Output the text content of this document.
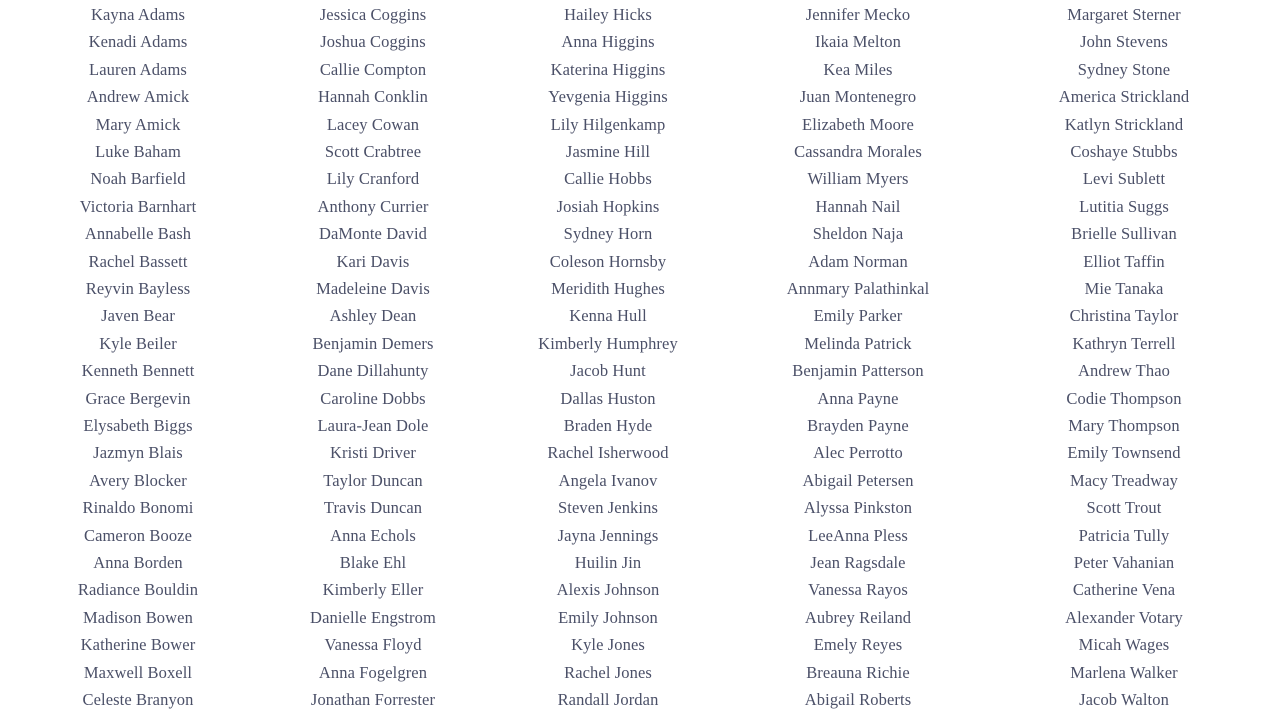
Kayna Adams
Kenadi Adams
Lauren Adams
Andrew Amick
Mary Amick
Luke Baham
Noah Barfield
Victoria Barnhart
Annabelle Bash
Rachel Bassett
Reyvin Bayless
Javen Bear
Kyle Beiler
Kenneth Bennett
Grace Bergevin
Elysabeth Biggs
Jazmyn Blais
Avery Blocker
Rinaldo Bonomi
Cameron Booze
Anna Borden
Radiance Bouldin
Madison Bowen
Katherine Bower
Maxwell Boxell
Celeste Branyon
Jessica Coggins
Joshua Coggins
Callie Compton
Hannah Conklin
Lacey Cowan
Scott Crabtree
Lily Cranford
Anthony Currier
DaMonte David
Kari Davis
Madeleine Davis
Ashley Dean
Benjamin Demers
Dane Dillahunty
Caroline Dobbs
Laura-Jean Dole
Kristi Driver
Taylor Duncan
Travis Duncan
Anna Echols
Blake Ehl
Kimberly Eller
Danielle Engstrom
Vanessa Floyd
Anna Fogelgren
Jonathan Forrester
Hailey Hicks
Anna Higgins
Katerina Higgins
Yevgenia Higgins
Lily Hilgenkamp
Jasmine Hill
Callie Hobbs
Josiah Hopkins
Sydney Horn
Coleson Hornsby
Meridith Hughes
Kenna Hull
Kimberly Humphrey
Jacob Hunt
Dallas Huston
Braden Hyde
Rachel Isherwood
Angela Ivanov
Steven Jenkins
Jayna Jennings
Huilin Jin
Alexis Johnson
Emily Johnson
Kyle Jones
Rachel Jones
Randall Jordan
Jennifer Mecko
Ikaia Melton
Kea Miles
Juan Montenegro
Elizabeth Moore
Cassandra Morales
William Myers
Hannah Nail
Sheldon Naja
Adam Norman
Annmary Palathinkal
Emily Parker
Melinda Patrick
Benjamin Patterson
Anna Payne
Brayden Payne
Alec Perrotto
Abigail Petersen
Alyssa Pinkston
LeeAnna Pless
Jean Ragsdale
Vanessa Rayos
Aubrey Reiland
Emely Reyes
Breauna Richie
Abigail Roberts
Margaret Sterner
John Stevens
Sydney Stone
America Strickland
Katlyn Strickland
Coshaye Stubbs
Levi Sublett
Lutitia Suggs
Brielle Sullivan
Elliot Taffin
Mie Tanaka
Christina Taylor
Kathryn Terrell
Andrew Thao
Codie Thompson
Mary Thompson
Emily Townsend
Macy Treadway
Scott Trout
Patricia Tully
Peter Vahanian
Catherine Vena
Alexander Votary
Micah Wages
Marlena Walker
Jacob Walton
